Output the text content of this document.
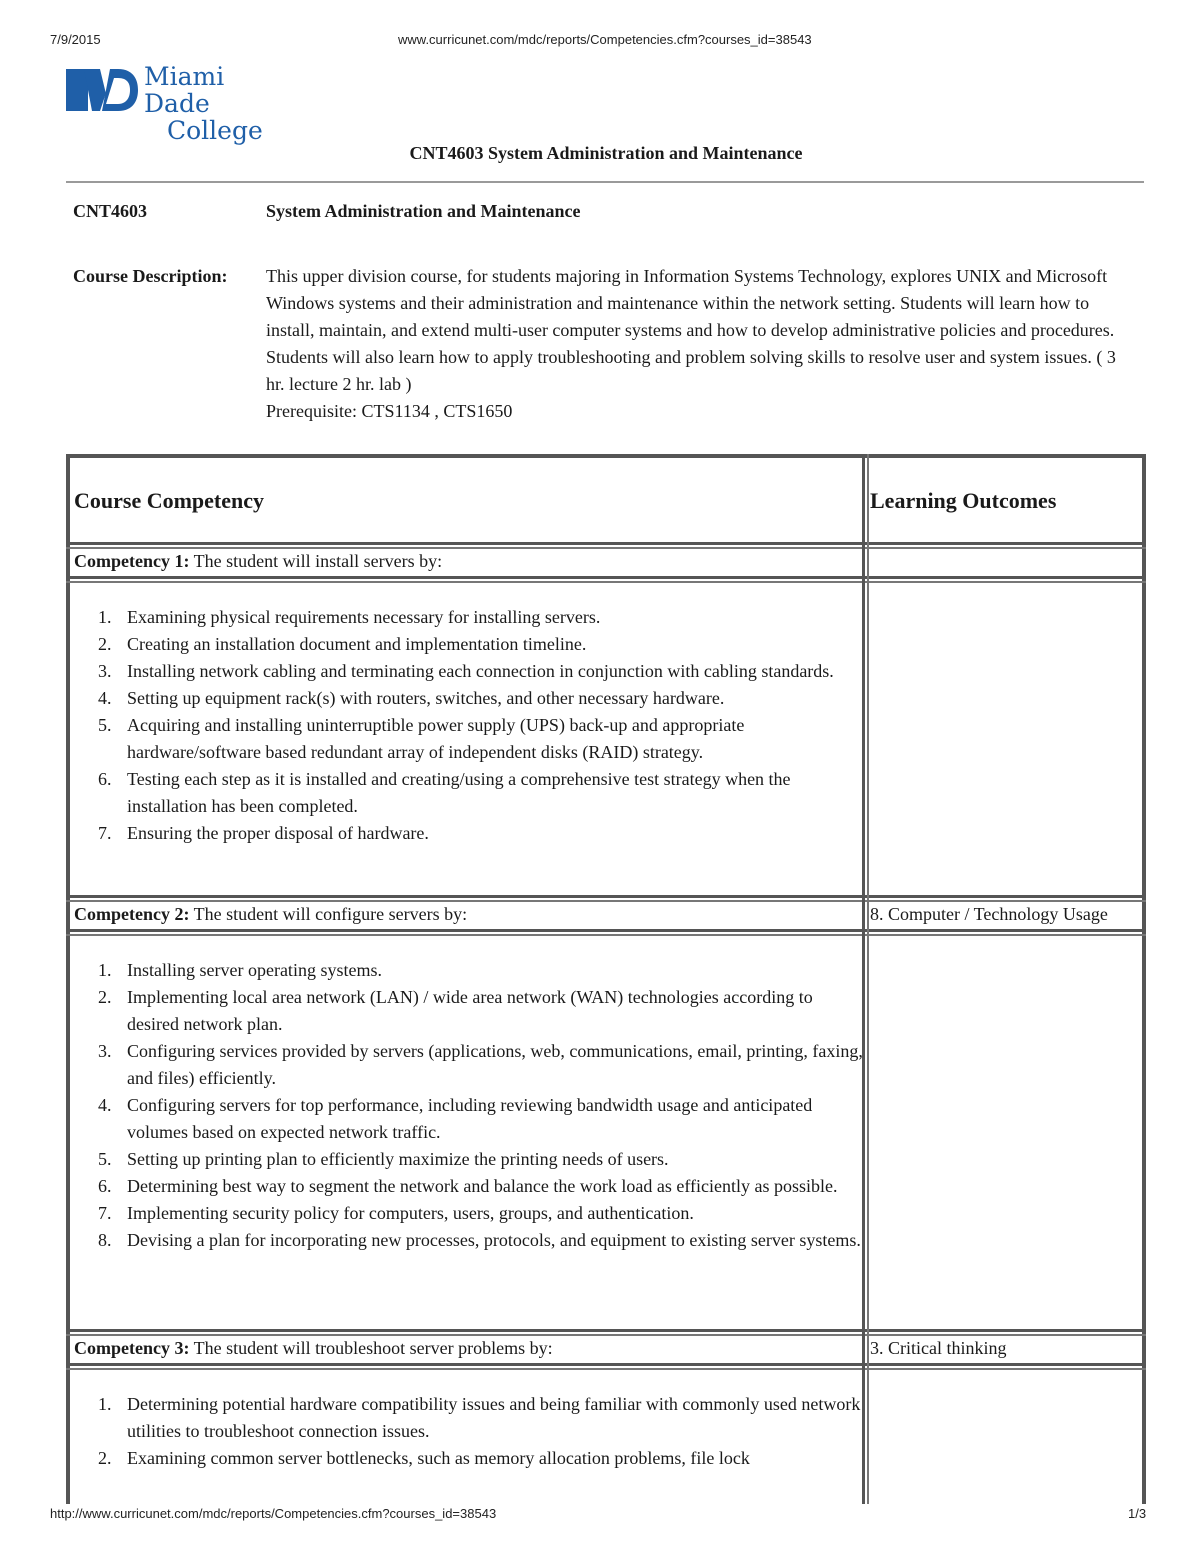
7/9/2015	www.curricunet.com/mdc/reports/Competencies.cfm?courses_id=38543
Miami Dade
College
CNT4603 System Administration and Maintenance
CNT4603	System Administration and Maintenance
Course Description: This upper division course, for students majoring in Information Systems Technology, explores UNIX and Microsoft Windows systems and their administration and maintenance within the network setting. Students will learn how to install, maintain, and extend multi-user computer systems and how to develop administrative policies and procedures. Students will also learn how to apply troubleshooting and problem solving skills to resolve user and system issues. ( 3 hr. lecture 2 hr. lab )

Prerequisite: CTS1134 , CTS1650

Course Competency	Learning Outcomes
Competency 1: The student will install servers by:
1. Examining physical requirements necessary for installing servers.
2. Creating an installation document and implementation timeline.
3. Installing network cabling and terminating each connection in conjunction with cabling standards.
4. Setting up equipment rack(s) with routers, switches, and other necessary hardware.
5. Acquiring and installing uninterruptible power supply (UPS) back-up and appropriate hardware/software based redundant array of independent disks (RAID) strategy.
6. Testing each step as it is installed and creating/using a comprehensive test strategy when the installation has been completed.
7. Ensuring the proper disposal of hardware.
Competency 2: The student will configure servers by:	8. Computer / Technology Usage
1. Installing server operating systems.
2. Implementing local area network (LAN) / wide area network (WAN) technologies according to desired network plan.
3. Configuring services provided by servers (applications, web, communications, email, printing, faxing, and files) efficiently.
4. Configuring servers for top performance, including reviewing bandwidth usage and anticipated volumes based on expected network traffic.
5. Setting up printing plan to efficiently maximize the printing needs of users.
6. Determining best way to segment the network and balance the work load as efficiently as possible.
7. Implementing security policy for computers, users, groups, and authentication.
8. Devising a plan for incorporating new processes, protocols, and equipment to existing server systems.
Competency 3: The student will troubleshoot server problems by:	3. Critical thinking
1. Determining potential hardware compatibility issues and being familiar with commonly used network utilities to troubleshoot connection issues.
2. Examining common server bottlenecks, such as memory allocation problems, file lock
http://www.curricunet.com/mdc/reports/Competencies.cfm?courses_id=38543	1/3
